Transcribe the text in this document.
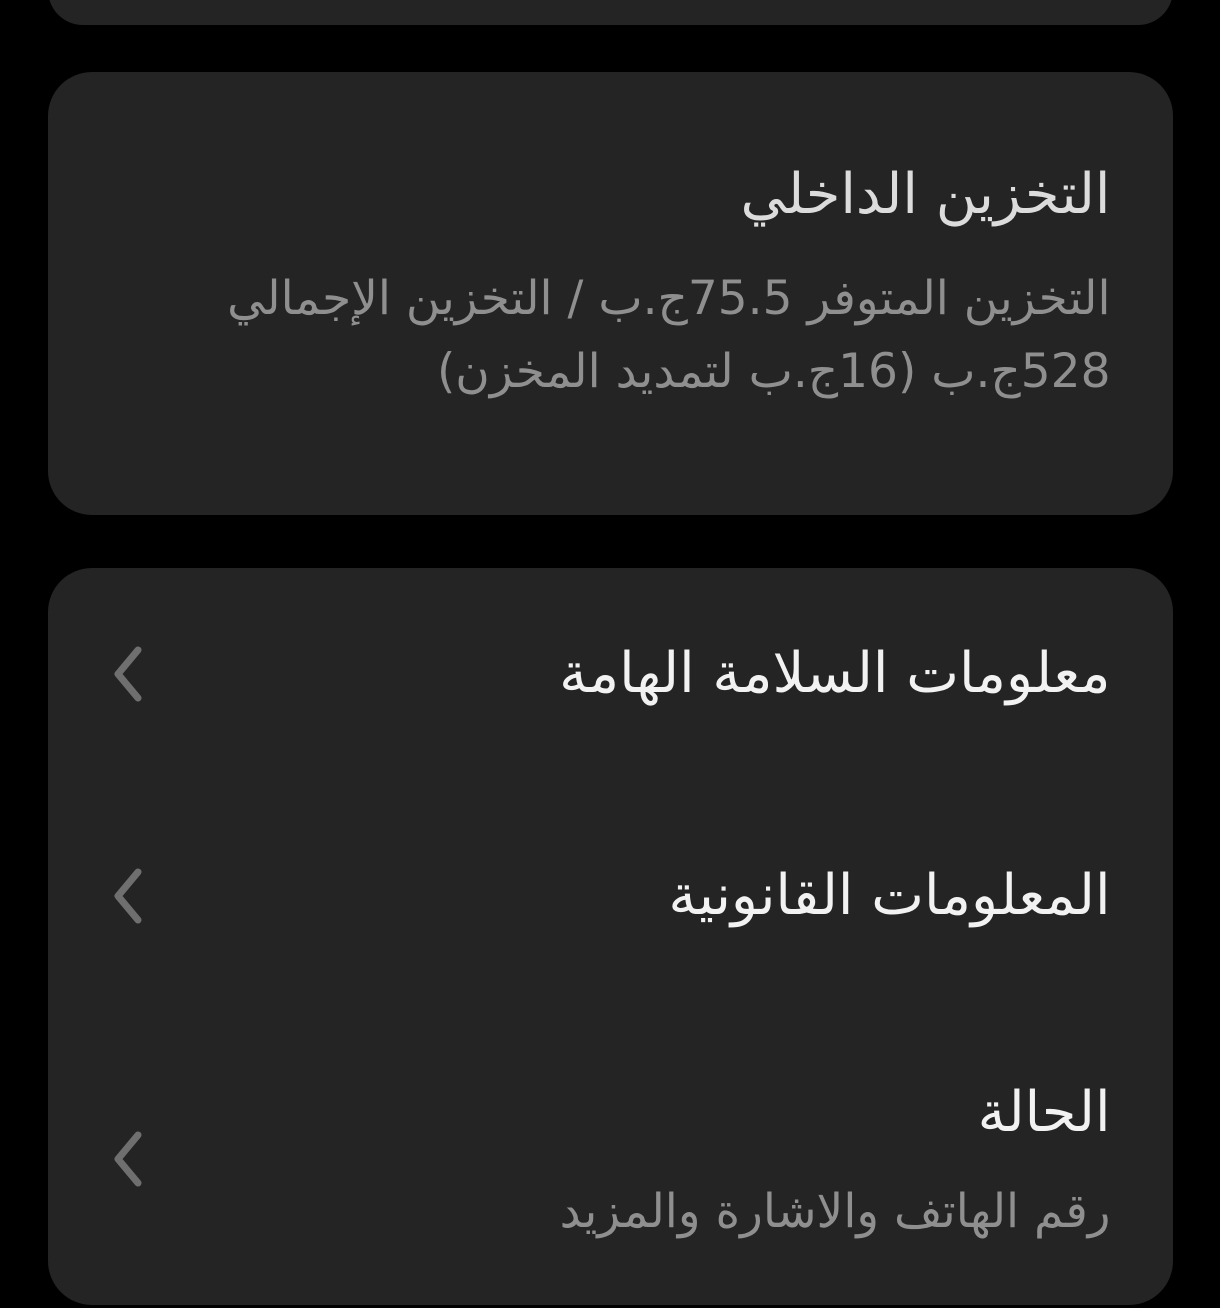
التخزين الداخلي
التخزين المتوفر 75.5ج.ب / التخزين الإجمالي 528ج.ب (16ج.ب لتمديد المخزن)
معلومات السلامة الهامة
المعلومات القانونية
الحالة
رقم الهاتف والاشارة والمزيد
